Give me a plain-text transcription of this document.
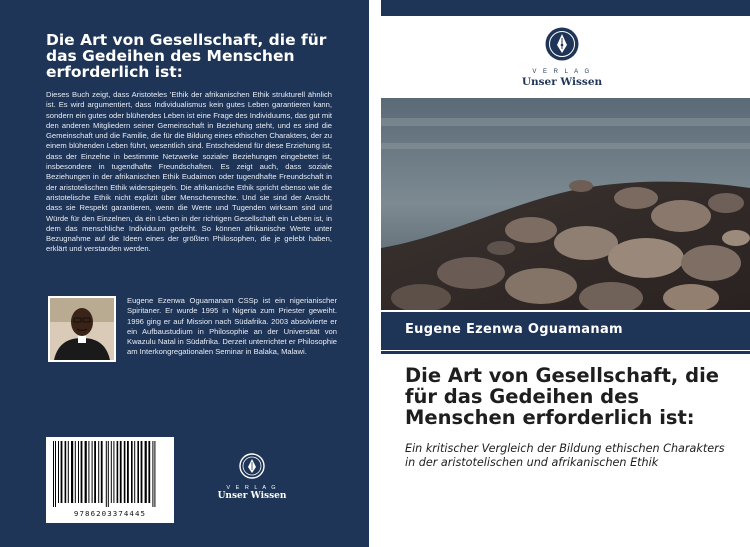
Die Art von Gesellschaft, die für das Gedeihen des Menschen erforderlich ist:

Dieses Buch zeigt, dass Aristoteles 'Ethik der afrikanischen Ethik strukturell ähnlich ist. Es wird argumentiert, dass Individualismus kein gutes Leben garantieren kann, sondern ein gutes oder blühendes Leben ist eine Frage des Individuums, das gut mit den anderen Mitgliedern seiner Gemeinschaft in Beziehung steht, und es sind die Gemeinschaft und die Familie, die für die Bildung eines ethischen Charakters, der zu einem blühenden Leben führt, wesentlich sind. Entscheidend für diese Erziehung ist, dass der Einzelne in bestimmte Netzwerke sozialer Beziehungen eingebettet ist, insbesondere in tugendhafte Freundschaften. Es zeigt auch, dass soziale Beziehungen in der afrikanischen Ethik Eudaimon oder tugendhafte Freundschaft in der aristotelischen Ethik widerspiegeln. Die afrikanische Ethik spricht ebenso wie die aristotelische Ethik nicht explizit über Menschenrechte. Und sie sind der Ansicht, dass sie Respekt garantieren, wenn die Werte und Tugenden wirksam sind und Würde für den Einzelnen, da ein Leben in der richtigen Gesellschaft ein Leben ist, in dem das menschliche Individuum gedeiht. So können afrikanische Werte unter Bezugnahme auf die Ideen eines der größten Philosophen, die je gelebt haben, erklärt und verstanden werden.

Eugene Ezenwa Oguamanam CSSp ist ein nigerianischer Spiritaner. Er wurde 1995 in Nigeria zum Priester geweiht. 1996 ging er auf Mission nach Südafrika. 2003 absolvierte er ein Aufbaustudium in Philosophie an der Universität von Kwazulu Natal in Südafrika. Derzeit unterrichtet er Philosophie am Interkongregationalen Seminar in Balaka, Malawi.

9786203374445
V E R L A G
Unser Wissen
V E R L A G
Unser Wissen
Eugene Ezenwa Oguamanam
Die Art von Gesellschaft, die für das Gedeihen des Menschen erforderlich ist:

Ein kritischer Vergleich der Bildung ethischen Charakters in der aristotelischen und afrikanischen Ethik
